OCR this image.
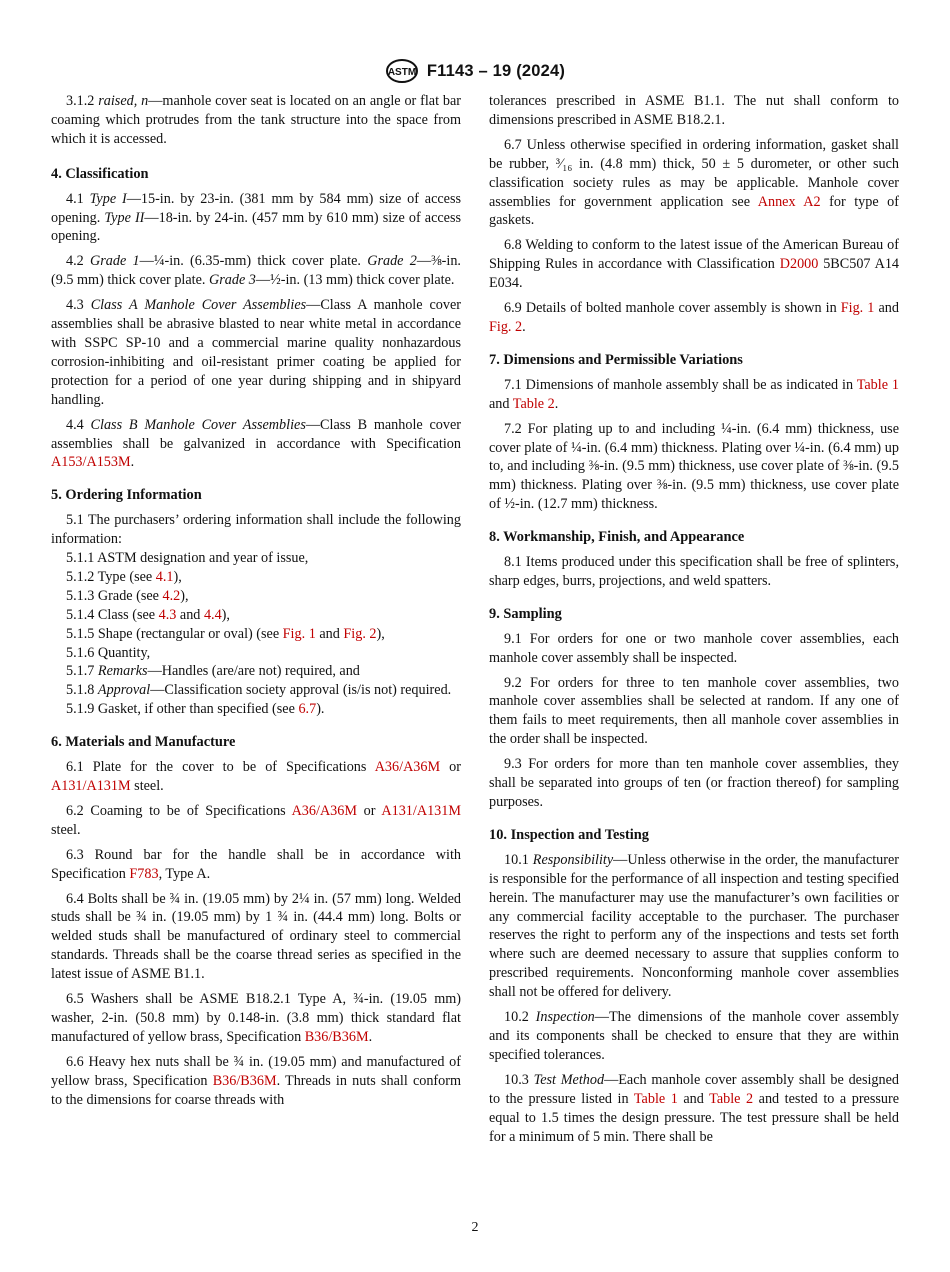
ASTM F1143 – 19 (2024)

3.1.2 raised, n—manhole cover seat is located on an angle or flat bar coaming which protrudes from the tank structure into the space from which it is accessed.

4. Classification

4.1 Type I—15-in. by 23-in. (381 mm by 584 mm) size of access opening. Type II—18-in. by 24-in. (457 mm by 610 mm) size of access opening.

4.2 Grade 1—¼-in. (6.35-mm) thick cover plate. Grade 2—⅜-in. (9.5 mm) thick cover plate. Grade 3—½-in. (13 mm) thick cover plate.

4.3 Class A Manhole Cover Assemblies—Class A manhole cover assemblies shall be abrasive blasted to near white metal in accordance with SSPC SP-10 and a commercial marine quality nonhazardous corrosion-inhibiting and oil-resistant primer coating be applied for protection for a period of one year during shipping and in shipyard handling.

4.4 Class B Manhole Cover Assemblies—Class B manhole cover assemblies shall be galvanized in accordance with Specification A153/A153M.

5. Ordering Information

5.1 The purchasers’ ordering information shall include the following information:

5.1.1 ASTM designation and year of issue,

5.1.2 Type (see 4.1),

5.1.3 Grade (see 4.2),

5.1.4 Class (see 4.3 and 4.4),

5.1.5 Shape (rectangular or oval) (see Fig. 1 and Fig. 2),

5.1.6 Quantity,

5.1.7 Remarks—Handles (are/are not) required, and

5.1.8 Approval—Classification society approval (is/is not) required.

5.1.9 Gasket, if other than specified (see 6.7).

6. Materials and Manufacture

6.1 Plate for the cover to be of Specifications A36/A36M or A131/A131M steel.

6.2 Coaming to be of Specifications A36/A36M or A131/A131M steel.

6.3 Round bar for the handle shall be in accordance with Specification F783, Type A.

6.4 Bolts shall be ¾ in. (19.05 mm) by 2¼ in. (57 mm) long. Welded studs shall be ¾ in. (19.05 mm) by 1 ¾ in. (44.4 mm) long. Bolts or welded studs shall be manufactured of ordinary steel to commercial standards. Threads shall be the coarse thread series as specified in the latest issue of ASME B1.1.

6.5 Washers shall be ASME B18.2.1 Type A, ¾-in. (19.05 mm) washer, 2-in. (50.8 mm) by 0.148-in. (3.8 mm) thick standard flat manufactured of yellow brass, Specification B36/B36M.

6.6 Heavy hex nuts shall be ¾ in. (19.05 mm) and manufactured of yellow brass, Specification B36/B36M. Threads in nuts shall conform to the dimensions for coarse threads with

tolerances prescribed in ASME B1.1. The nut shall conform to dimensions prescribed in ASME B18.2.1.

6.7 Unless otherwise specified in ordering information, gasket shall be rubber, ³⁄₁₆ in. (4.8 mm) thick, 50 ± 5 durometer, or other such classification society rules as may be applicable. Manhole cover assemblies for government application see Annex A2 for type of gaskets.

6.8 Welding to conform to the latest issue of the American Bureau of Shipping Rules in accordance with Classification D2000 5BC507 A14 E034.

6.9 Details of bolted manhole cover assembly is shown in Fig. 1 and Fig. 2.

7. Dimensions and Permissible Variations

7.1 Dimensions of manhole assembly shall be as indicated in Table 1 and Table 2.

7.2 For plating up to and including ¼-in. (6.4 mm) thickness, use cover plate of ¼-in. (6.4 mm) thickness. Plating over ¼-in. (6.4 mm) up to, and including ⅜-in. (9.5 mm) thickness, use cover plate of ⅜-in. (9.5 mm) thickness. Plating over ⅜-in. (9.5 mm) thickness, use cover plate of ½-in. (12.7 mm) thickness.

8. Workmanship, Finish, and Appearance

8.1 Items produced under this specification shall be free of splinters, sharp edges, burrs, projections, and weld spatters.

9. Sampling

9.1 For orders for one or two manhole cover assemblies, each manhole cover assembly shall be inspected.

9.2 For orders for three to ten manhole cover assemblies, two manhole cover assemblies shall be selected at random. If any one of them fails to meet requirements, then all manhole cover assemblies in the order shall be inspected.

9.3 For orders for more than ten manhole cover assemblies, they shall be separated into groups of ten (or fraction thereof) for sampling purposes.

10. Inspection and Testing

10.1 Responsibility—Unless otherwise in the order, the manufacturer is responsible for the performance of all inspection and testing specified herein. The manufacturer may use the manufacturer’s own facilities or any commercial facility acceptable to the purchaser. The purchaser reserves the right to perform any of the inspections and tests set forth where such are deemed necessary to assure that supplies conform to prescribed requirements. Nonconforming manhole cover assemblies shall not be offered for delivery.

10.2 Inspection—The dimensions of the manhole cover assembly and its components shall be checked to ensure that they are within specified tolerances.

10.3 Test Method—Each manhole cover assembly shall be designed to the pressure listed in Table 1 and Table 2 and tested to a pressure equal to 1.5 times the design pressure. The test pressure shall be held for a minimum of 5 min. There shall be

2
